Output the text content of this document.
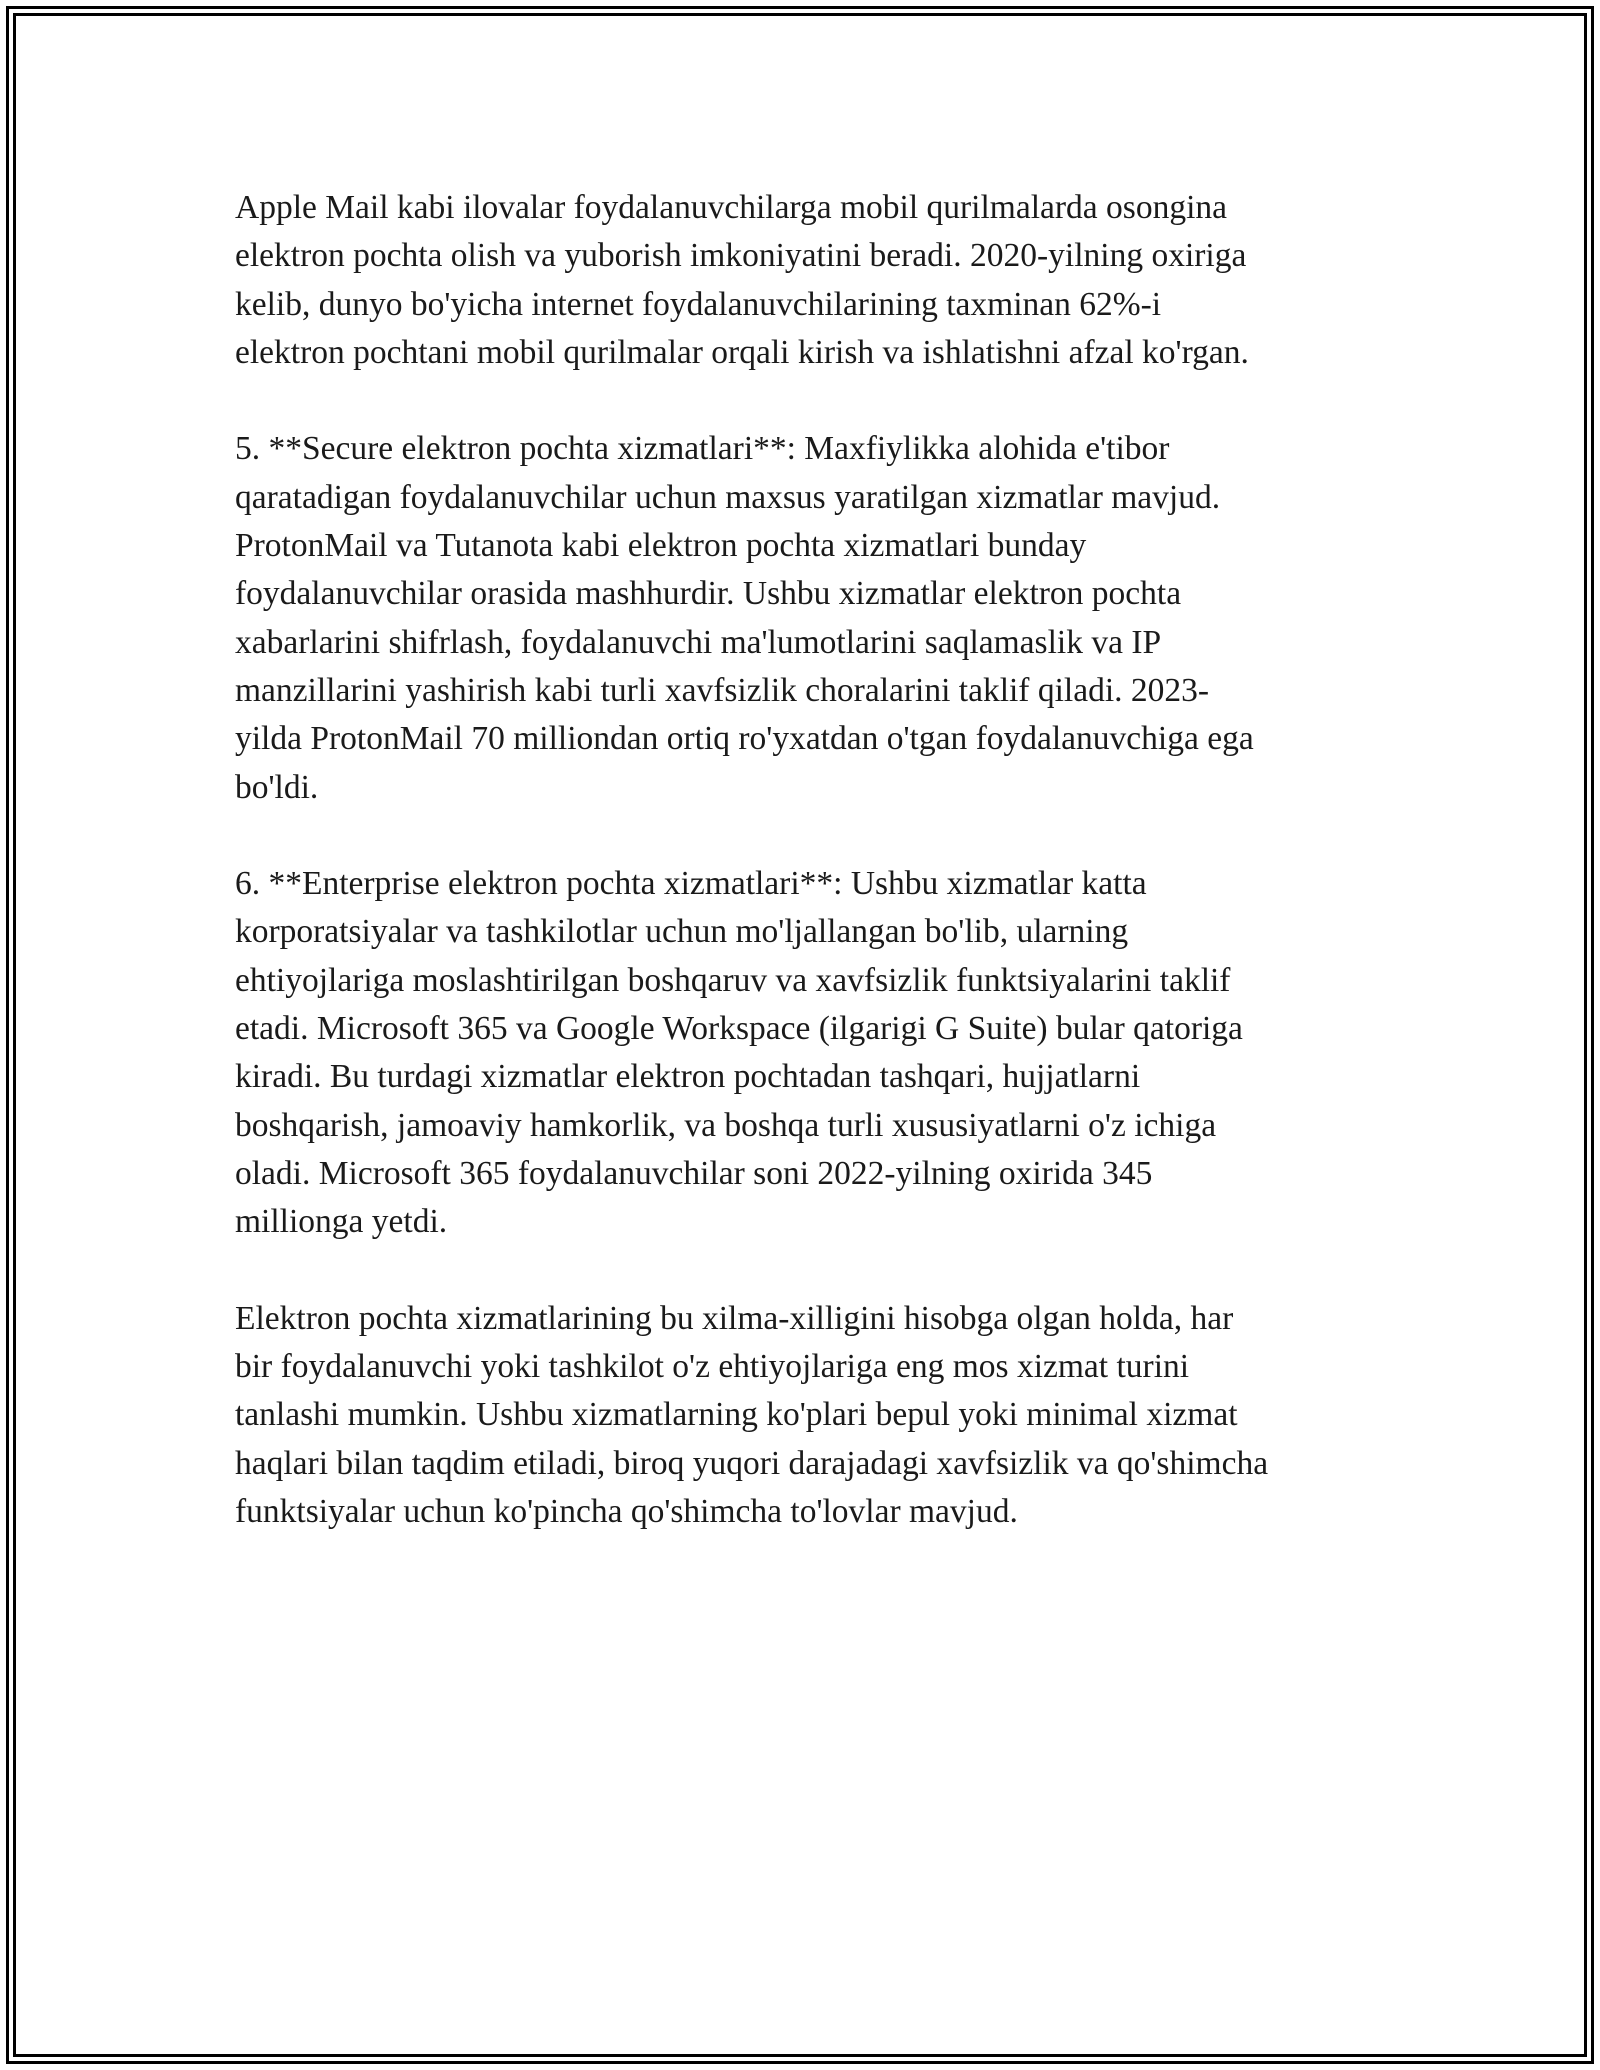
Apple Mail kabi ilovalar foydalanuvchilarga mobil qurilmalarda osongina
elektron pochta olish va yuborish imkoniyatini beradi. 2020-yilning oxiriga
kelib, dunyo bo'yicha internet foydalanuvchilarining taxminan 62%-i
elektron pochtani mobil qurilmalar orqali kirish va ishlatishni afzal ko'rgan.

5. **Secure elektron pochta xizmatlari**: Maxfiylikka alohida e'tibor
qaratadigan foydalanuvchilar uchun maxsus yaratilgan xizmatlar mavjud.
ProtonMail va Tutanota kabi elektron pochta xizmatlari bunday
foydalanuvchilar orasida mashhurdir. Ushbu xizmatlar elektron pochta
xabarlarini shifrlash, foydalanuvchi ma'lumotlarini saqlamaslik va IP
manzillarini yashirish kabi turli xavfsizlik choralarini taklif qiladi. 2023-
yilda ProtonMail 70 milliondan ortiq ro'yxatdan o'tgan foydalanuvchiga ega
bo'ldi.

6. **Enterprise elektron pochta xizmatlari**: Ushbu xizmatlar katta
korporatsiyalar va tashkilotlar uchun mo'ljallangan bo'lib, ularning
ehtiyojlariga moslashtirilgan boshqaruv va xavfsizlik funktsiyalarini taklif
etadi. Microsoft 365 va Google Workspace (ilgarigi G Suite) bular qatoriga
kiradi. Bu turdagi xizmatlar elektron pochtadan tashqari, hujjatlarni
boshqarish, jamoaviy hamkorlik, va boshqa turli xususiyatlarni o'z ichiga
oladi. Microsoft 365 foydalanuvchilar soni 2022-yilning oxirida 345
millionga yetdi.

Elektron pochta xizmatlarining bu xilma-xilligini hisobga olgan holda, har
bir foydalanuvchi yoki tashkilot o'z ehtiyojlariga eng mos xizmat turini
tanlashi mumkin. Ushbu xizmatlarning ko'plari bepul yoki minimal xizmat
haqlari bilan taqdim etiladi, biroq yuqori darajadagi xavfsizlik va qo'shimcha
funktsiyalar uchun ko'pincha qo'shimcha to'lovlar mavjud.
